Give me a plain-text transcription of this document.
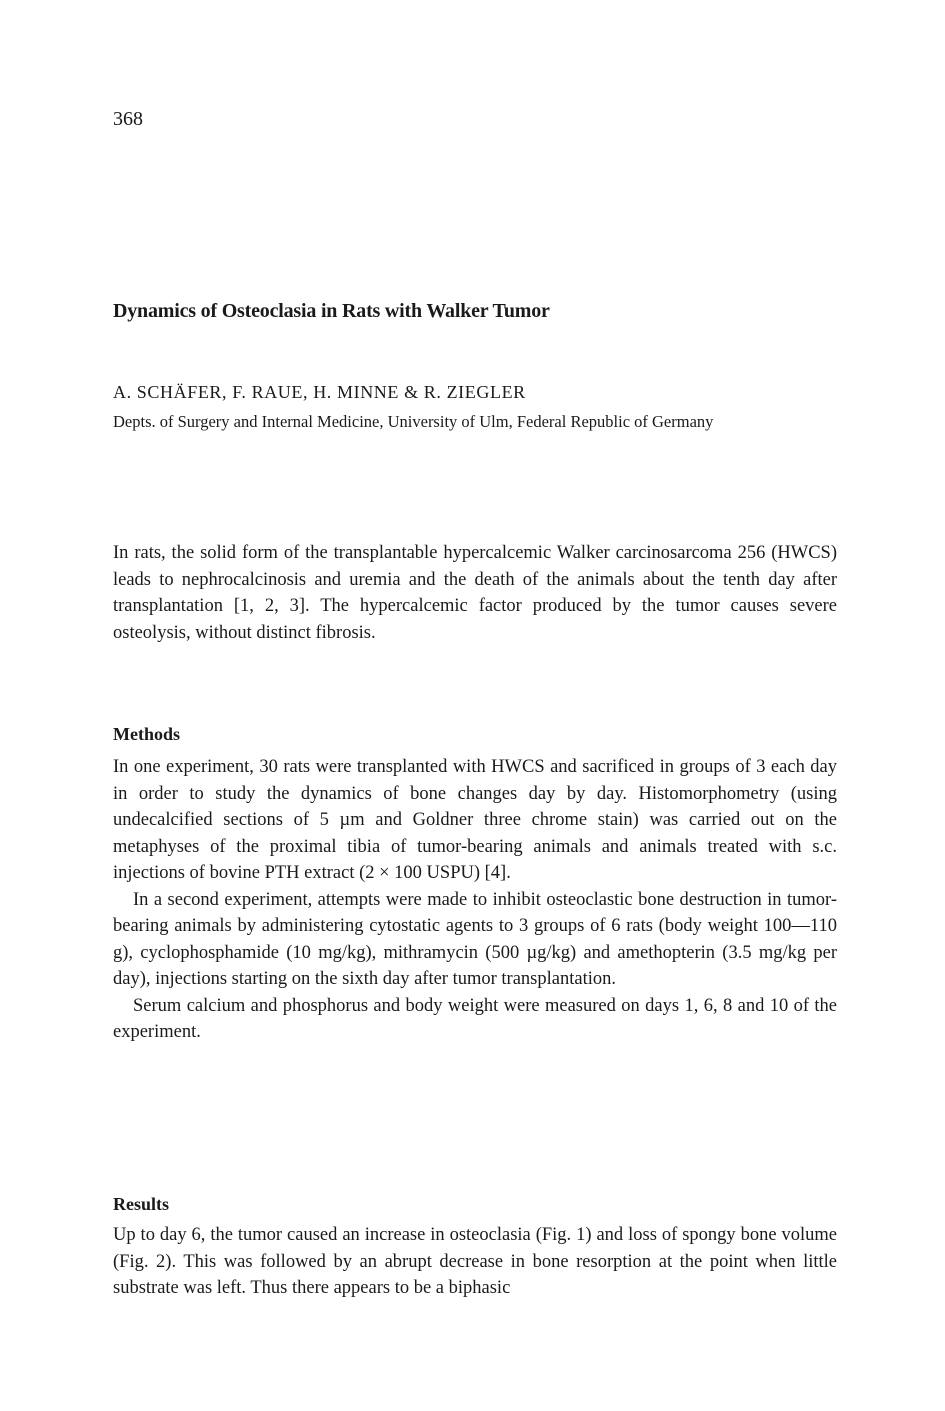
368
Dynamics of Osteoclasia in Rats with Walker Tumor
A. SCHÄFER, F. RAUE, H. MINNE & R. ZIEGLER
Depts. of Surgery and Internal Medicine, University of Ulm, Federal Republic of Germany

In rats, the solid form of the transplantable hypercalcemic Walker carcinosarcoma 256 (HWCS) leads to nephrocalcinosis and uremia and the death of the animals about the tenth day after transplantation [1, 2, 3]. The hypercalcemic factor produced by the tumor causes severe osteolysis, without distinct fibrosis.

Methods

In one experiment, 30 rats were transplanted with HWCS and sacrificed in groups of 3 each day in order to study the dynamics of bone changes day by day. Histomorphometry (using undecalcified sections of 5 µm and Goldner three chrome stain) was carried out on the metaphyses of the proximal tibia of tumor-bearing animals and animals treated with s.c. injections of bovine PTH extract (2 × 100 USPU) [4].

In a second experiment, attempts were made to inhibit osteoclastic bone destruction in tumor-bearing animals by administering cytostatic agents to 3 groups of 6 rats (body weight 100—110 g), cyclophosphamide (10 mg/kg), mithramycin (500 µg/kg) and amethopterin (3.5 mg/kg per day), injections starting on the sixth day after tumor transplantation.

Serum calcium and phosphorus and body weight were measured on days 1, 6, 8 and 10 of the experiment.

Results

Up to day 6, the tumor caused an increase in osteoclasia (Fig. 1) and loss of spongy bone volume (Fig. 2). This was followed by an abrupt decrease in bone resorption at the point when little substrate was left. Thus there appears to be a biphasic
